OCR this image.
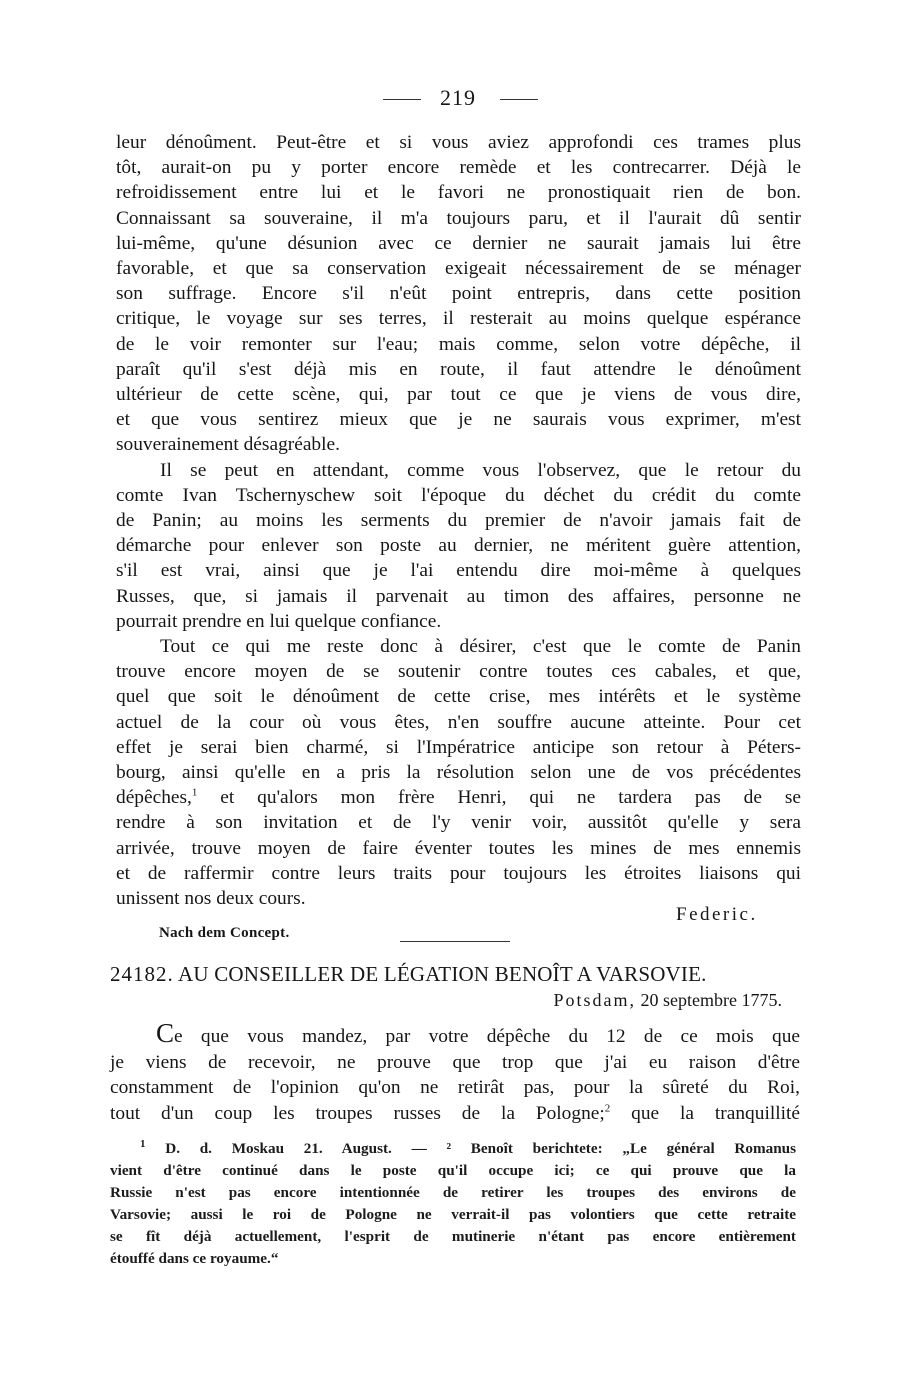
219
leur dénoûment. Peut-être et si vous aviez approfondi ces trames plus
tôt, aurait-on pu y porter encore remède et les contrecarrer. Déjà le
refroidissement entre lui et le favori ne pronostiquait rien de bon.
Connaissant sa souveraine, il m'a toujours paru, et il l'aurait dû sentir
lui-même, qu'une désunion avec ce dernier ne saurait jamais lui être
favorable, et que sa conservation exigeait nécessairement de se ménager
son suffrage. Encore s'il n'eût point entrepris, dans cette position
critique, le voyage sur ses terres, il resterait au moins quelque espérance
de le voir remonter sur l'eau; mais comme, selon votre dépêche, il
paraît qu'il s'est déjà mis en route, il faut attendre le dénoûment
ultérieur de cette scène, qui, par tout ce que je viens de vous dire,
et que vous sentirez mieux que je ne saurais vous exprimer, m'est
souverainement désagréable.
Il se peut en attendant, comme vous l'observez, que le retour du
comte Ivan Tschernyschew soit l'époque du déchet du crédit du comte
de Panin; au moins les serments du premier de n'avoir jamais fait de
démarche pour enlever son poste au dernier, ne méritent guère attention,
s'il est vrai, ainsi que je l'ai entendu dire moi-même à quelques
Russes, que, si jamais il parvenait au timon des affaires, personne ne
pourrait prendre en lui quelque confiance.
Tout ce qui me reste donc à désirer, c'est que le comte de Panin
trouve encore moyen de se soutenir contre toutes ces cabales, et que,
quel que soit le dénoûment de cette crise, mes intérêts et le système
actuel de la cour où vous êtes, n'en souffre aucune atteinte. Pour cet
effet je serai bien charmé, si l'Impératrice anticipe son retour à Péters-
bourg, ainsi qu'elle en a pris la résolution selon une de vos précédentes
dépêches,$^1$ et qu'alors mon frère Henri, qui ne tardera pas de se
rendre à son invitation et de l'y venir voir, aussitôt qu'elle y sera
arrivée, trouve moyen de faire éventer toutes les mines de mes ennemis
et de raffermir contre leurs traits pour toujours les étroites liaisons qui
unissent nos deux cours.
Federic.
Nach dem Concept.
24182. AU CONSEILLER DE LÉGATION BENOÎT A VARSOVIE.
Potsdam, 20 septembre 1775.
Ce que vous mandez, par votre dépêche du 12 de ce mois que
je viens de recevoir, ne prouve que trop que j'ai eu raison d'être
constamment de l'opinion qu'on ne retirât pas, pour la sûreté du Roi,
tout d'un coup les troupes russes de la Pologne;$^2$ que la tranquillité
$^1$ D. d. Moskau 21. August. — ² Benoît berichtete: „Le général Romanus
vient d'être continué dans le poste qu'il occupe ici; ce qui prouve que la
Russie n'est pas encore intentionnée de retirer les troupes des environs de
Varsovie; aussi le roi de Pologne ne verrait-il pas volontiers que cette retraite
se fît déjà actuellement, l'esprit de mutinerie n'étant pas encore entièrement
étouffé dans ce royaume.“
